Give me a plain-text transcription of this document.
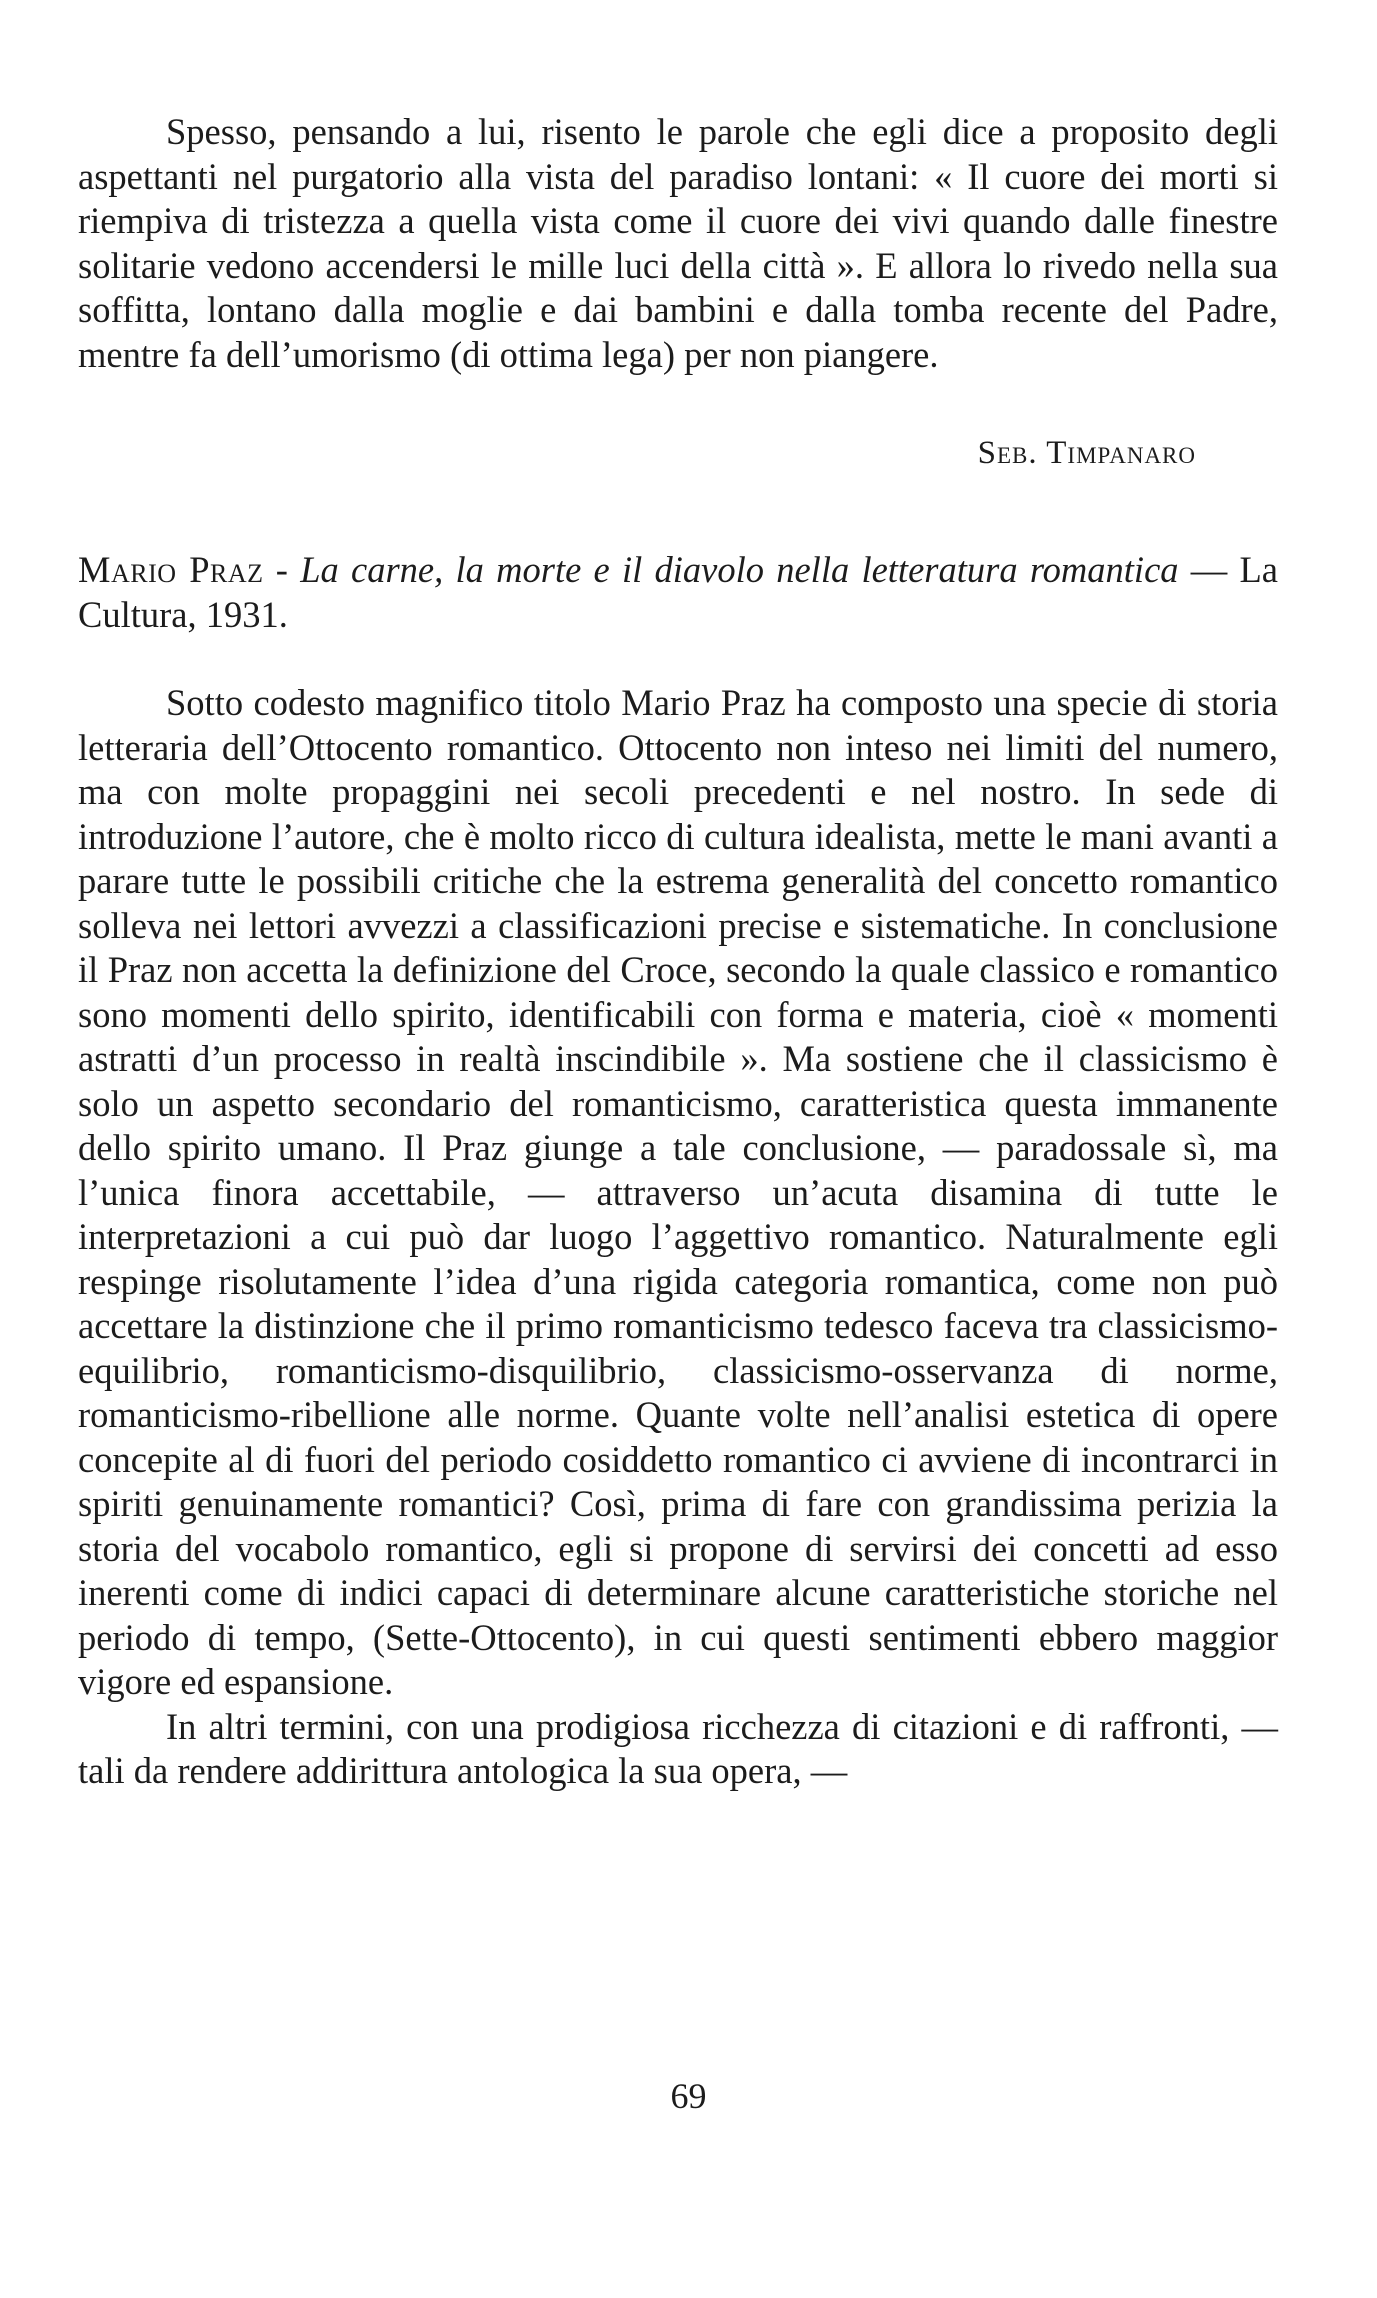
Spesso, pensando a lui, risento le parole che egli dice a proposito degli aspettanti nel purgatorio alla vista del paradiso lontani: « Il cuore dei morti si riempiva di tristezza a quella vista come il cuore dei vivi quando dalle finestre solitarie vedono accendersi le mille luci della città ». E allora lo rivedo nella sua soffitta, lontano dalla moglie e dai bambini e dalla tomba recente del Padre, mentre fa dell’umorismo (di ottima lega) per non piangere.

Seb. Timpanaro
Mario Praz - La carne, la morte e il diavolo nella letteratura romantica — La Cultura, 1931.

Sotto codesto magnifico titolo Mario Praz ha composto una specie di storia letteraria dell’Ottocento romantico. Ottocento non inteso nei limiti del numero, ma con molte propaggini nei secoli precedenti e nel nostro. In sede di introduzione l’autore, che è molto ricco di cultura idealista, mette le mani avanti a parare tutte le possibili critiche che la estrema generalità del concetto romantico solleva nei lettori avvezzi a classificazioni precise e sistematiche. In conclusione il Praz non accetta la definizione del Croce, secondo la quale classico e romantico sono momenti dello spirito, identificabili con forma e materia, cioè « momenti astratti d’un processo in realtà inscindibile ». Ma sostiene che il classicismo è solo un aspetto secondario del romanticismo, caratteristica questa immanente dello spirito umano. Il Praz giunge a tale conclusione, — paradossale sì, ma l’unica finora accettabile, — attraverso un’acuta disamina di tutte le interpretazioni a cui può dar luogo l’aggettivo romantico. Naturalmente egli respinge risolutamente l’idea d’una rigida categoria romantica, come non può accettare la distinzione che il primo romanticismo tedesco faceva tra classicismo-equilibrio, romanticismo-disquilibrio, classicismo-osservanza di norme, romanticismo-ribellione alle norme. Quante volte nell’analisi estetica di opere concepite al di fuori del periodo cosiddetto romantico ci avviene di incontrarci in spiriti genuinamente romantici? Così, prima di fare con grandissima perizia la storia del vocabolo romantico, egli si propone di servirsi dei concetti ad esso inerenti come di indici capaci di determinare alcune caratteristiche storiche nel periodo di tempo, (Sette-Ottocento), in cui questi sentimenti ebbero maggior vigore ed espansione.

In altri termini, con una prodigiosa ricchezza di citazioni e di raffronti, — tali da rendere addirittura antologica la sua opera, —

69
